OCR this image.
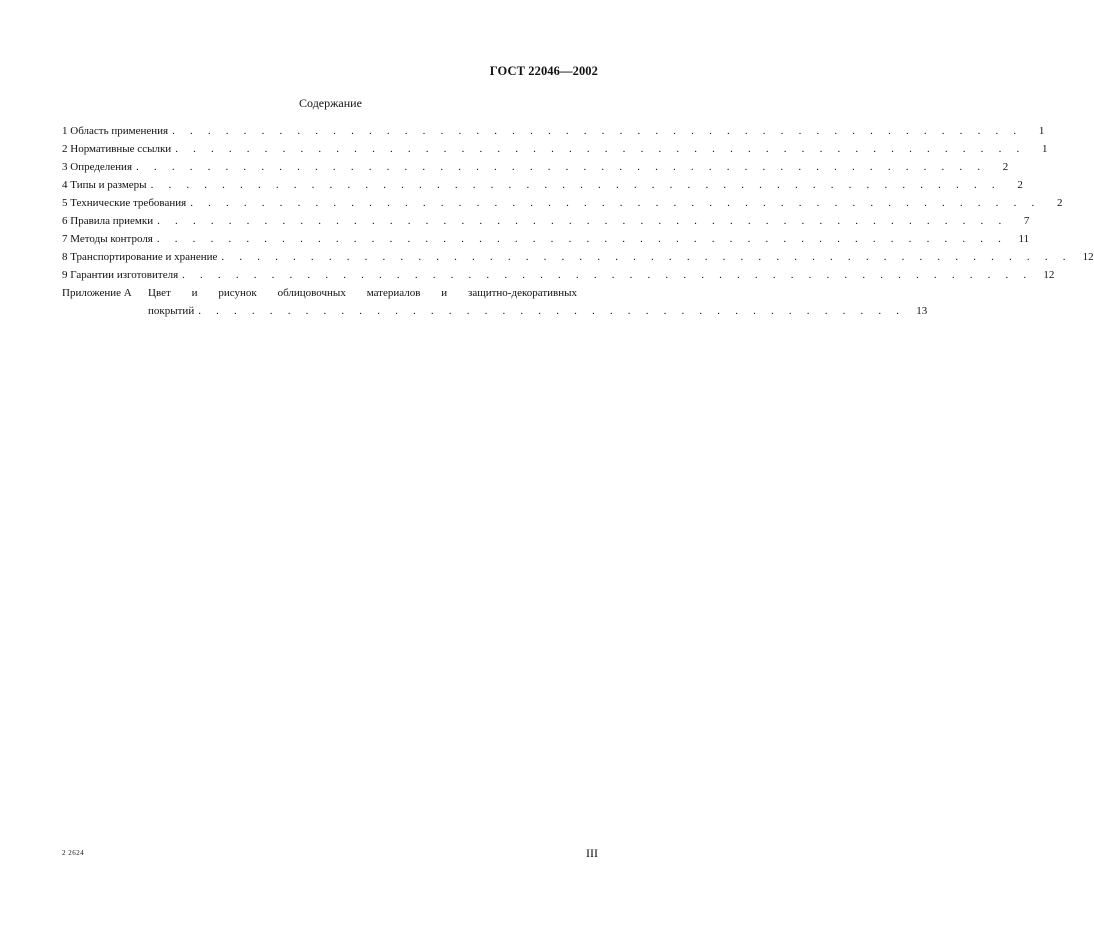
ГОСТ 22046—2002
Содержание
1 Область применения . . . . . . . . . . . . . . . . . . . . . . . . . . . . . . . . . . . . . . . . . . . . . . . .	1
2 Нормативные ссылки . . . . . . . . . . . . . . . . . . . . . . . . . . . . . . . . . . . . . . . . . . . . . . . .	1
3 Определения . . . . . . . . . . . . . . . . . . . . . . . . . . . . . . . . . . . . . . . . . . . . . . . .	2
4 Типы и размеры . . . . . . . . . . . . . . . . . . . . . . . . . . . . . . . . . . . . . . . . . . . . . . . .	2
5 Технические требования . . . . . . . . . . . . . . . . . . . . . . . . . . . . . . . . . . . . . . . . . . . . . . . .	2
6 Правила приемки . . . . . . . . . . . . . . . . . . . . . . . . . . . . . . . . . . . . . . . . . . . . . . . .	7
7 Методы контроля . . . . . . . . . . . . . . . . . . . . . . . . . . . . . . . . . . . . . . . . . . . . . . . .	11
8 Транспортирование и хранение . . . . . . . . . . . . . . . . . . . . . . . . . . . . . . . . . . . . . . . . . . . . . . . .	12
9 Гарантии изготовителя . . . . . . . . . . . . . . . . . . . . . . . . . . . . . . . . . . . . . . . . . . . . . . . .	12
Приложение А	Цвет и рисунок облицовочных материалов и защитно-декоративных
покрытий . . . . . . . . . . . . . . . . . . . . . . . . . . . . . . . . . . . . . . . .	13
2 2624	III
